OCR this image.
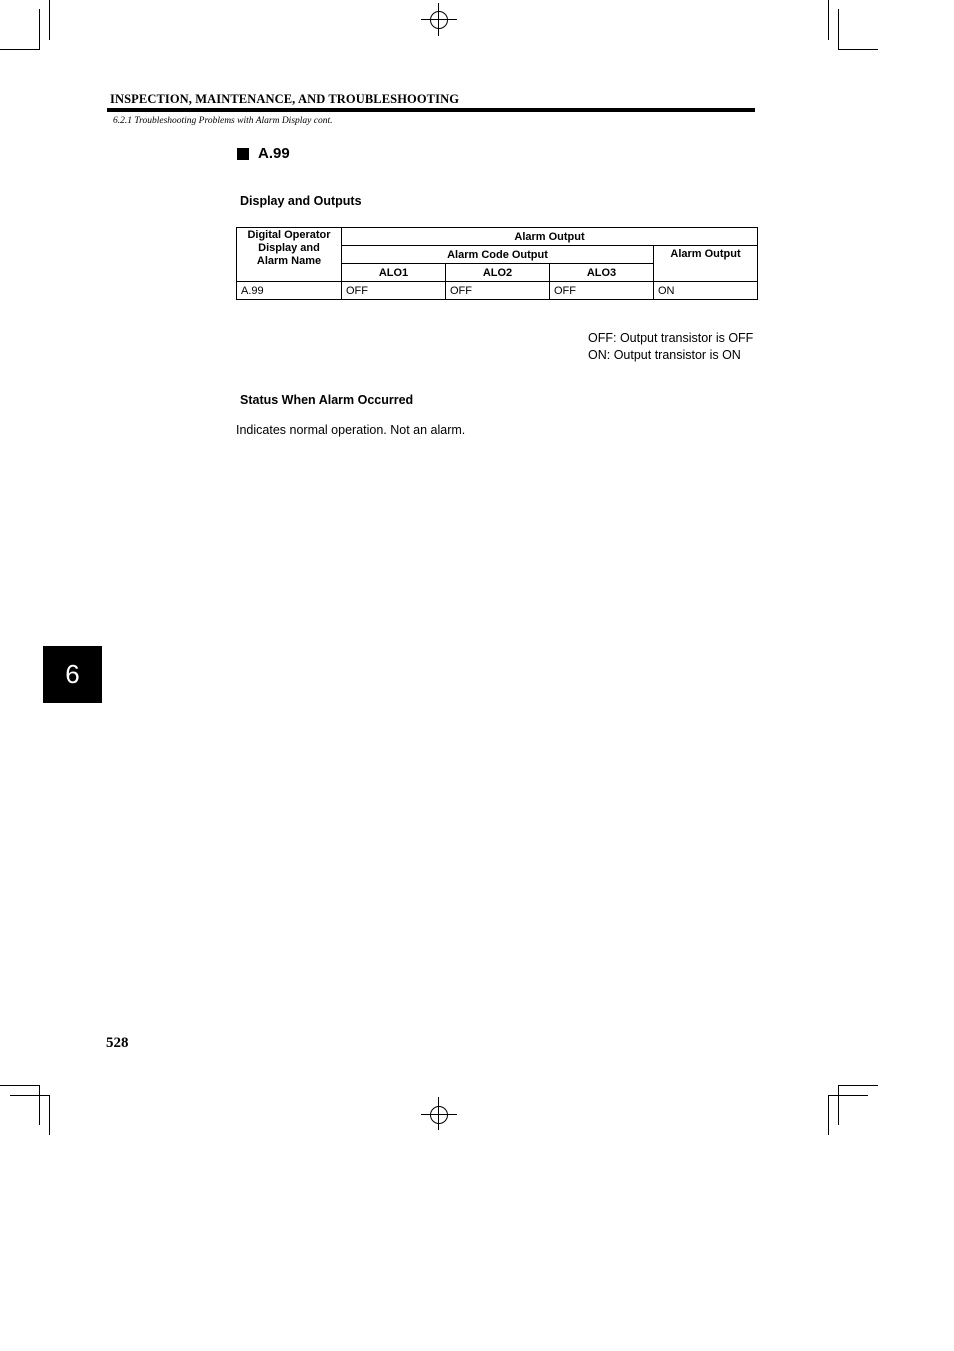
INSPECTION, MAINTENANCE, AND TROUBLESHOOTING
6.2.1 Troubleshooting Problems with Alarm Display cont.
A.99
Display and Outputs
Digital Operator
Display and
Alarm Name	Alarm Output			
	Alarm Code Output			Alarm Output
	ALO1	ALO2	ALO3	
A.99	OFF	OFF	OFF	ON
OFF: Output transistor is OFF
ON: Output transistor is ON
Status When Alarm Occurred
Indicates normal operation. Not an alarm.
6
528
